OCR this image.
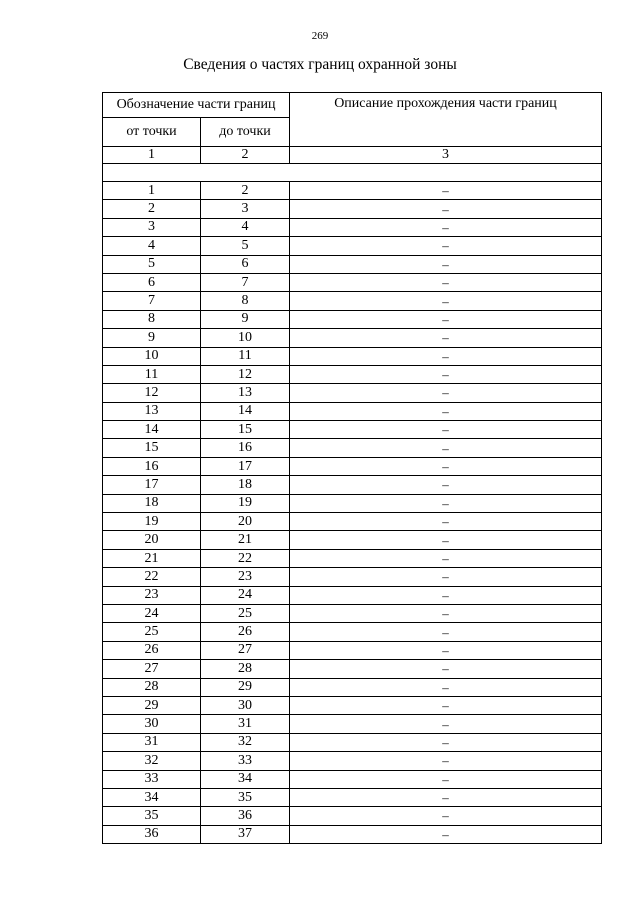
269
Сведения о частях границ охранной зоны
Обозначение части границ		Описание прохождения части границ
от точки	до точки	
1	2	3

1	2	–
2	3	–
3	4	–
4	5	–
5	6	–
6	7	–
7	8	–
8	9	–
9	10	–
10	11	–
11	12	–
12	13	–
13	14	–
14	15	–
15	16	–
16	17	–
17	18	–
18	19	–
19	20	–
20	21	–
21	22	–
22	23	–
23	24	–
24	25	–
25	26	–
26	27	–
27	28	–
28	29	–
29	30	–
30	31	–
31	32	–
32	33	–
33	34	–
34	35	–
35	36	–
36	37	–
